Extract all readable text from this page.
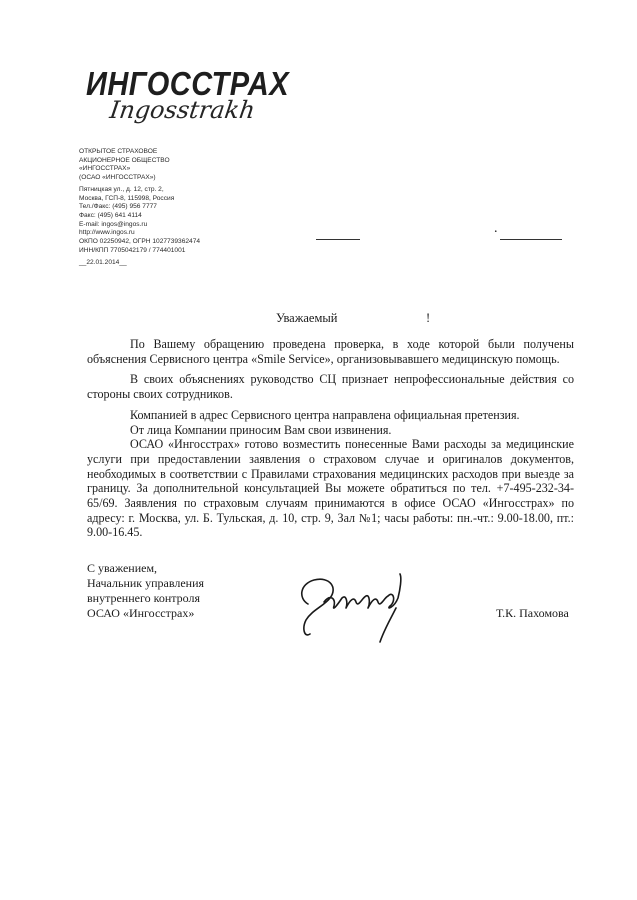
ИНГОССТРАХ
Ingosstrakh
ОТКРЫТОЕ СТРАХОВОЕ
АКЦИОНЕРНОЕ ОБЩЕСТВО
«ИНГОССТРАХ»
(ОСАО «ИНГОССТРАХ»)
Пятницкая ул., д. 12, стр. 2,
Москва, ГСП-8, 115998, Россия
Тел./Факс: (495) 956 7777
Факс: (495) 641 4114
E-mail: ingos@ingos.ru
http://www.ingos.ru
ОКПО 02250942, ОГРН 1027739362474
ИНН/КПП 7705042179 / 774401001
__22.01.2014__
.
Уважаемый	!

По Вашему обращению проведена проверка, в ходе которой были получены объяснения Сервисного центра «Smile Service», организовывавшего медицинскую помощь.

В своих объяснениях руководство СЦ признает непрофессиональные действия со стороны своих сотрудников.

Компанией в адрес Сервисного центра направлена официальная претензия.

От лица Компании приносим Вам свои извинения.

ОСАО «Ингосстрах» готово возместить понесенные Вами расходы за медицинские услуги при предоставлении заявления о страховом случае и оригиналов документов, необходимых в соответствии с Правилами страхования медицинских расходов при выезде за границу. За дополнительной консультацией Вы можете обратиться по тел. +7-495-232-34-65/69. Заявления по страховым случаям принимаются в офисе ОСАО «Ингосстрах» по адресу: г. Москва, ул. Б. Тульская, д. 10, стр. 9, Зал №1; часы работы: пн.-чт.: 9.00-18.00, пт.: 9.00-16.45.

С уважением,
Начальник управления
внутреннего контроля
ОСАО «Ингосстрах»	Т.К. Пахомова
